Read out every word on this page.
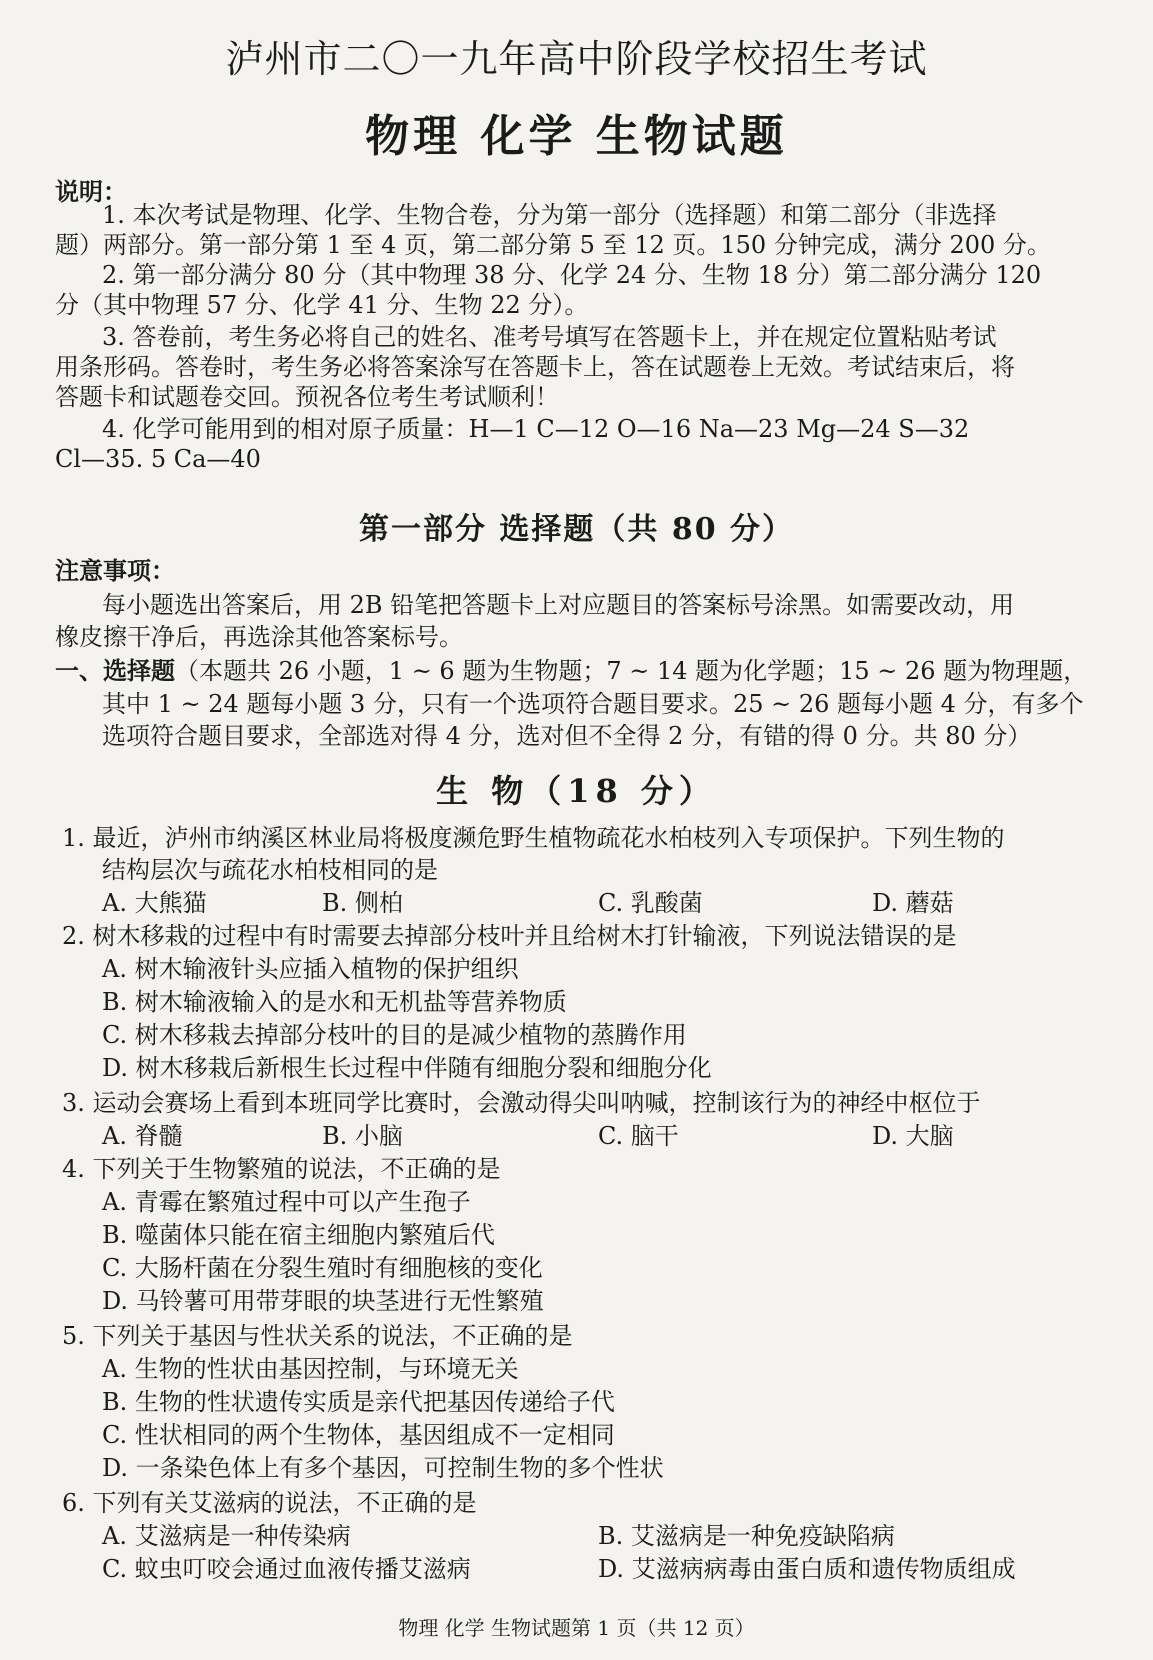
泸州市二〇一九年高中阶段学校招生考试
物理 化学 生物试题
说明：
1. 本次考试是物理、化学、生物合卷，分为第一部分（选择题）和第二部分（非选择
题）两部分。第一部分第 1 至 4 页，第二部分第 5 至 12 页。150 分钟完成，满分 200 分。
2. 第一部分满分 80 分（其中物理 38 分、化学 24 分、生物 18 分）第二部分满分 120
分（其中物理 57 分、化学 41 分、生物 22 分）。
3. 答卷前，考生务必将自己的姓名、准考号填写在答题卡上，并在规定位置粘贴考试
用条形码。答卷时，考生务必将答案涂写在答题卡上，答在试题卷上无效。考试结束后，将
答题卡和试题卷交回。预祝各位考生考试顺利！
4. 化学可能用到的相对原子质量：H—1 C—12 O—16 Na—23 Mg—24 S—32
Cl—35. 5 Ca—40
第一部分 选择题（共 80 分）
注意事项：
每小题选出答案后，用 2B 铅笔把答题卡上对应题目的答案标号涂黑。如需要改动，用
橡皮擦干净后，再选涂其他答案标号。
一、选择题（本题共 26 小题，1 ~ 6 题为生物题；7 ~ 14 题为化学题；15 ~ 26 题为物理题，
其中 1 ~ 24 题每小题 3 分，只有一个选项符合题目要求。25 ~ 26 题每小题 4 分，有多个
选项符合题目要求，全部选对得 4 分，选对但不全得 2 分，有错的得 0 分。共 80 分）
生 物（18 分）
1. 最近，泸州市纳溪区林业局将极度濒危野生植物疏花水柏枝列入专项保护。下列生物的
结构层次与疏花水柏枝相同的是
A. 大熊猫	B. 侧柏	C. 乳酸菌	D. 蘑菇
2. 树木移栽的过程中有时需要去掉部分枝叶并且给树木打针输液，下列说法错误的是
A. 树木输液针头应插入植物的保护组织
B. 树木输液输入的是水和无机盐等营养物质
C. 树木移栽去掉部分枝叶的目的是减少植物的蒸腾作用
D. 树木移栽后新根生长过程中伴随有细胞分裂和细胞分化
3. 运动会赛场上看到本班同学比赛时，会激动得尖叫呐喊，控制该行为的神经中枢位于
A. 脊髓	B. 小脑	C. 脑干	D. 大脑
4. 下列关于生物繁殖的说法，不正确的是
A. 青霉在繁殖过程中可以产生孢子
B. 噬菌体只能在宿主细胞内繁殖后代
C. 大肠杆菌在分裂生殖时有细胞核的变化
D. 马铃薯可用带芽眼的块茎进行无性繁殖
5. 下列关于基因与性状关系的说法，不正确的是
A. 生物的性状由基因控制，与环境无关
B. 生物的性状遗传实质是亲代把基因传递给子代
C. 性状相同的两个生物体，基因组成不一定相同
D. 一条染色体上有多个基因，可控制生物的多个性状
6. 下列有关艾滋病的说法，不正确的是
A. 艾滋病是一种传染病	B. 艾滋病是一种免疫缺陷病
C. 蚊虫叮咬会通过血液传播艾滋病	D. 艾滋病病毒由蛋白质和遗传物质组成
物理 化学 生物试题第 1 页（共 12 页）
